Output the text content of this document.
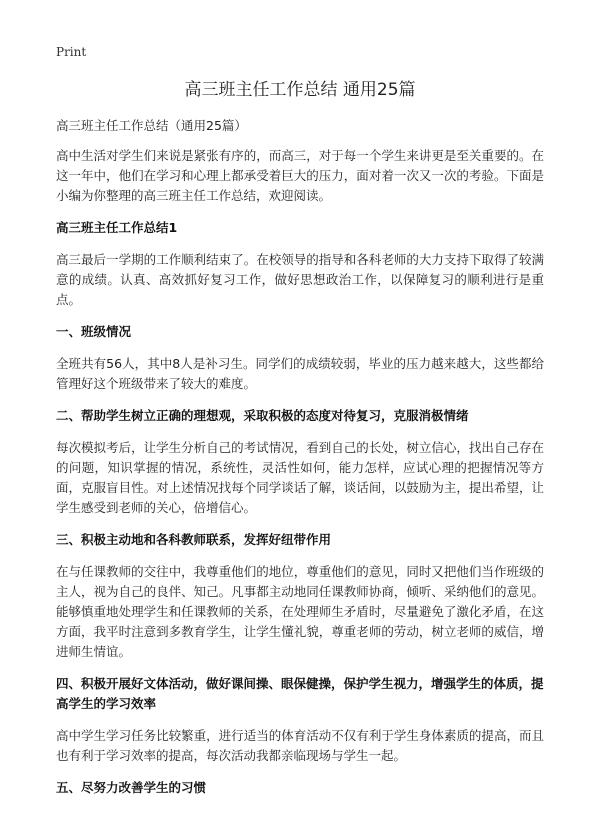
Print
高三班主任工作总结 通用25篇
高三班主任工作总结（通用25篇）

高中生活对学生们来说是紧张有序的，而高三，对于每一个学生来讲更是至关重要的。在这一年中，他们在学习和心理上都承受着巨大的压力，面对着一次又一次的考验。下面是小编为你整理的高三班主任工作总结，欢迎阅读。

高三班主任工作总结1

高三最后一学期的工作顺利结束了。在校领导的指导和各科老师的大力支持下取得了较满意的成绩。认真、高效抓好复习工作，做好思想政治工作，以保障复习的顺利进行是重点。

一、班级情况

全班共有56人，其中8人是补习生。同学们的成绩较弱，毕业的压力越来越大，这些都给管理好这个班级带来了较大的难度。

二、帮助学生树立正确的理想观，采取积极的态度对待复习，克服消极情绪

每次模拟考后，让学生分析自己的考试情况，看到自己的长处，树立信心，找出自己存在的问题，知识掌握的情况，系统性，灵活性如何，能力怎样，应试心理的把握情况等方面，克服盲目性。对上述情况找每个同学谈话了解，谈话间，以鼓励为主，提出希望，让学生感受到老师的关心，倍增信心。

三、积极主动地和各科教师联系，发挥好纽带作用

在与任课教师的交往中，我尊重他们的地位，尊重他们的意见，同时又把他们当作班级的主人，视为自己的良伴、知己。凡事都主动地同任课教师协商，倾听、采纳他们的意见。能够慎重地处理学生和任课教师的关系，在处理师生矛盾时，尽量避免了激化矛盾，在这方面，我平时注意到多教育学生，让学生懂礼貌，尊重老师的劳动，树立老师的威信，增进师生情谊。

四、积极开展好文体活动，做好课间操、眼保健操，保护学生视力，增强学生的体质，提高学生的学习效率

高中学生学习任务比较繁重，进行适当的体育活动不仅有利于学生身体素质的提高，而且也有利于学习效率的提高，每次活动我都亲临现场与学生一起。

五、尽努力改善学生的习惯
